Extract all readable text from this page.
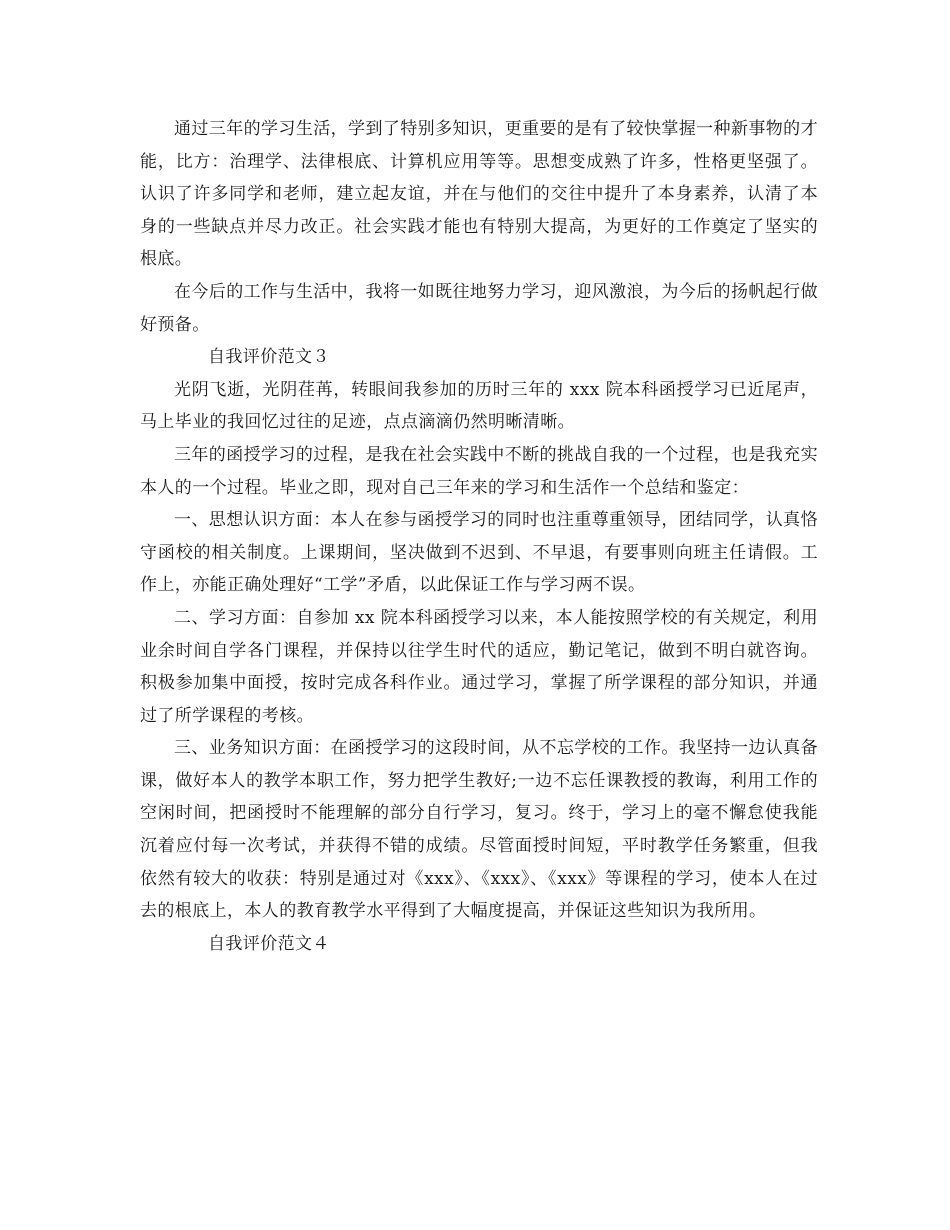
通过三年的学习生活，学到了特别多知识，更重要的是有了较快掌握一种新事物的才能，比方：治理学、法律根底、计算机应用等等。思想变成熟了许多，性格更坚强了。认识了许多同学和老师，建立起友谊，并在与他们的交往中提升了本身素养，认清了本身的一些缺点并尽力改正。社会实践才能也有特别大提高，为更好的工作奠定了坚实的根底。

在今后的工作与生活中，我将一如既往地努力学习，迎风激浪，为今后的扬帆起行做好预备。

自我评价范文３

光阴飞逝，光阴荏苒，转眼间我参加的历时三年的 xxx 院本科函授学习已近尾声，马上毕业的我回忆过往的足迹，点点滴滴仍然明晰清晰。

三年的函授学习的过程，是我在社会实践中不断的挑战自我的一个过程，也是我充实本人的一个过程。毕业之即，现对自己三年来的学习和生活作一个总结和鉴定：

一、思想认识方面：本人在参与函授学习的同时也注重尊重领导，团结同学，认真恪守函校的相关制度。上课期间，坚决做到不迟到、不早退，有要事则向班主任请假。工作上，亦能正确处理好“工学”矛盾，以此保证工作与学习两不误。

二、学习方面：自参加 xx 院本科函授学习以来，本人能按照学校的有关规定，利用业余时间自学各门课程，并保持以往学生时代的适应，勤记笔记，做到不明白就咨询。积极参加集中面授，按时完成各科作业。通过学习，掌握了所学课程的部分知识，并通过了所学课程的考核。

三、业务知识方面：在函授学习的这段时间，从不忘学校的工作。我坚持一边认真备课，做好本人的教学本职工作，努力把学生教好;一边不忘任课教授的教诲，利用工作的空闲时间，把函授时不能理解的部分自行学习，复习。终于，学习上的毫不懈怠使我能沉着应付每一次考试，并获得不错的成绩。尽管面授时间短，平时教学任务繁重，但我依然有较大的收获：特别是通过对《xxx》、《xxx》、《xxx》等课程的学习，使本人在过去的根底上，本人的教育教学水平得到了大幅度提高，并保证这些知识为我所用。

自我评价范文４
